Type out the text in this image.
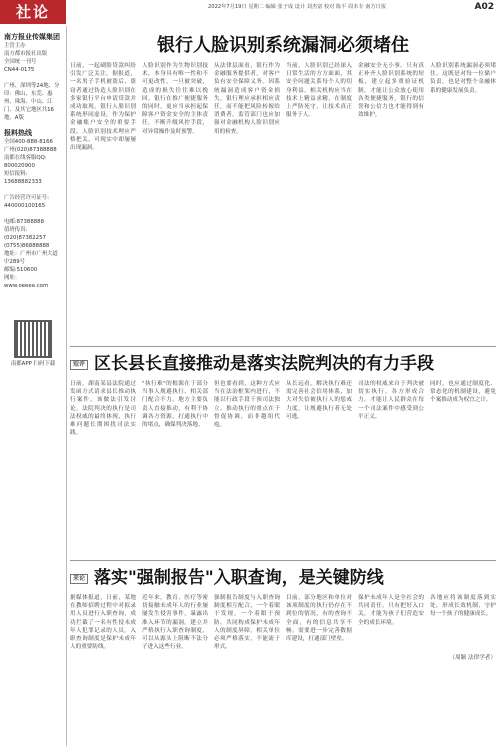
社论	2022年7月19日 星期二 编辑 张子成 设计 刘杰富 校对 陈平 周末专 南方日报	A02
南方报业传媒集团
主管主办
南方都市报社出版
全国统一刊号
CN44-0175
广州、深圳等24地、分
印：佛山、东莞、惠州、珠海、中山、江门、及其它地区共16地、A版
报料热线
全国400-888-8166
广州(020)87388888
南都在线客服QQ:
800020900
短信报料:
13688882333
广告经营许可证号:
440000100165
电邮:87388888
值班传真:
(020)87382257
(0755)86888888
地址：广州市广州大道中289号
邮编:510600
网址：
www.oeeee.com
南都APP 扫码下载
银行人脸识别系统漏洞必须堵住
日前，一起刷脸贷款纠纷引发广泛关注。据报道，一名男子手机被盗后，盗窃者通过伪造人脸识别在多家银行平台申请贷款并成功取现，银行人脸识别系统形同虚设。作为保护金融账户安全的重要手段，人脸识别技术理应严格把关，可现实中却屡屡出现漏洞。
人脸识别作为生物识别技术，本身具有唯一性和不可更改性，一旦被突破，造成的损失往往难以挽回。银行在推广便捷服务的同时，更应当承担起保障客户资金安全的主体责任，不断升级风控手段，对异常操作及时预警。
从法律层面看，银行作为金融服务提供者，对客户负有安全保障义务。因系统漏洞造成客户资金损失，银行理应承担相应责任，而不能把风险转嫁给消费者。监管部门也应加强对金融机构人脸识别应用的检查。
当前，人脸识别已经深入日常生活的方方面面，其安全问题关系每个人的切身利益。相关机构应当在技术上精益求精，在制度上严防死守，让技术真正服务于人。
金融安全无小事。只有真正补齐人脸识别系统的短板，建立起多重验证机制，才能让公众放心使用各类便捷服务，银行的信誉和公信力也才能得到有效维护。
人脸识别系统漏洞必须堵住。这既是对每一位储户负责，也是对整个金融体系的健康发展负责。
短评 区长县长直接推动是落实法院判决的有力手段
日前，湖南某县法院通过发函方式请求县长推动执行案件，该做法引发讨论。法院判决的执行是司法权威的最终体现，执行难问题长期困扰司法实践。
"执行难"的根源在于部分当事人规避执行、相关部门配合不力。地方主要负责人直接推动，有利于协调各方资源，打通执行中的堵点，确保判决落地。
但也要看到，这种方式应当在法治框架内进行，不能以行政手段干预司法独立。推动执行的重点在于督促协调，而非越俎代庖。
从长远看，解决执行难还需完善社会信用体系，加大对失信被执行人的惩戒力度，让规避执行者无处可逃。
司法的权威来自于判决被切实执行。各方形成合力，才能让人民群众在每一个司法案件中感受到公平正义。
同时，也应通过制度化、常态化的机制建设，避免个案推动成为权宜之计。
来论 落实"强制报告"入职查询，是关键防线
据媒体报道，日前，某地在教师招聘过程中对拟录用人员进行入职查询，成功拦截了一名有性侵未成年人犯罪记录的人员。入职查询制度是保护未成年人的重要防线。
近年来，教育、医疗等密切接触未成年人的行业屡屡发生侵害事件，暴露出准入环节的漏洞。建立并严格执行入职查询制度，可以从源头上阻断不法分子进入这些行业。
强制报告制度与入职查询制度相互配合，一个着眼于发现，一个着眼于预防，共同构成保护未成年人的制度屏障。相关单位必须严格落实，不能流于形式。
目前，部分地区和单位对该项制度的执行仍存在不到位的情况，有的查询不全面，有的信息共享不畅。需要进一步完善数据库建设，打通部门壁垒。
保护未成年人是全社会的共同责任。只有把好入口关，才能为孩子们营造安全的成长环境。
各地应将该制度落到实处，形成长效机制，守护每一个孩子的健康成长。
（周颖 法律学者）
